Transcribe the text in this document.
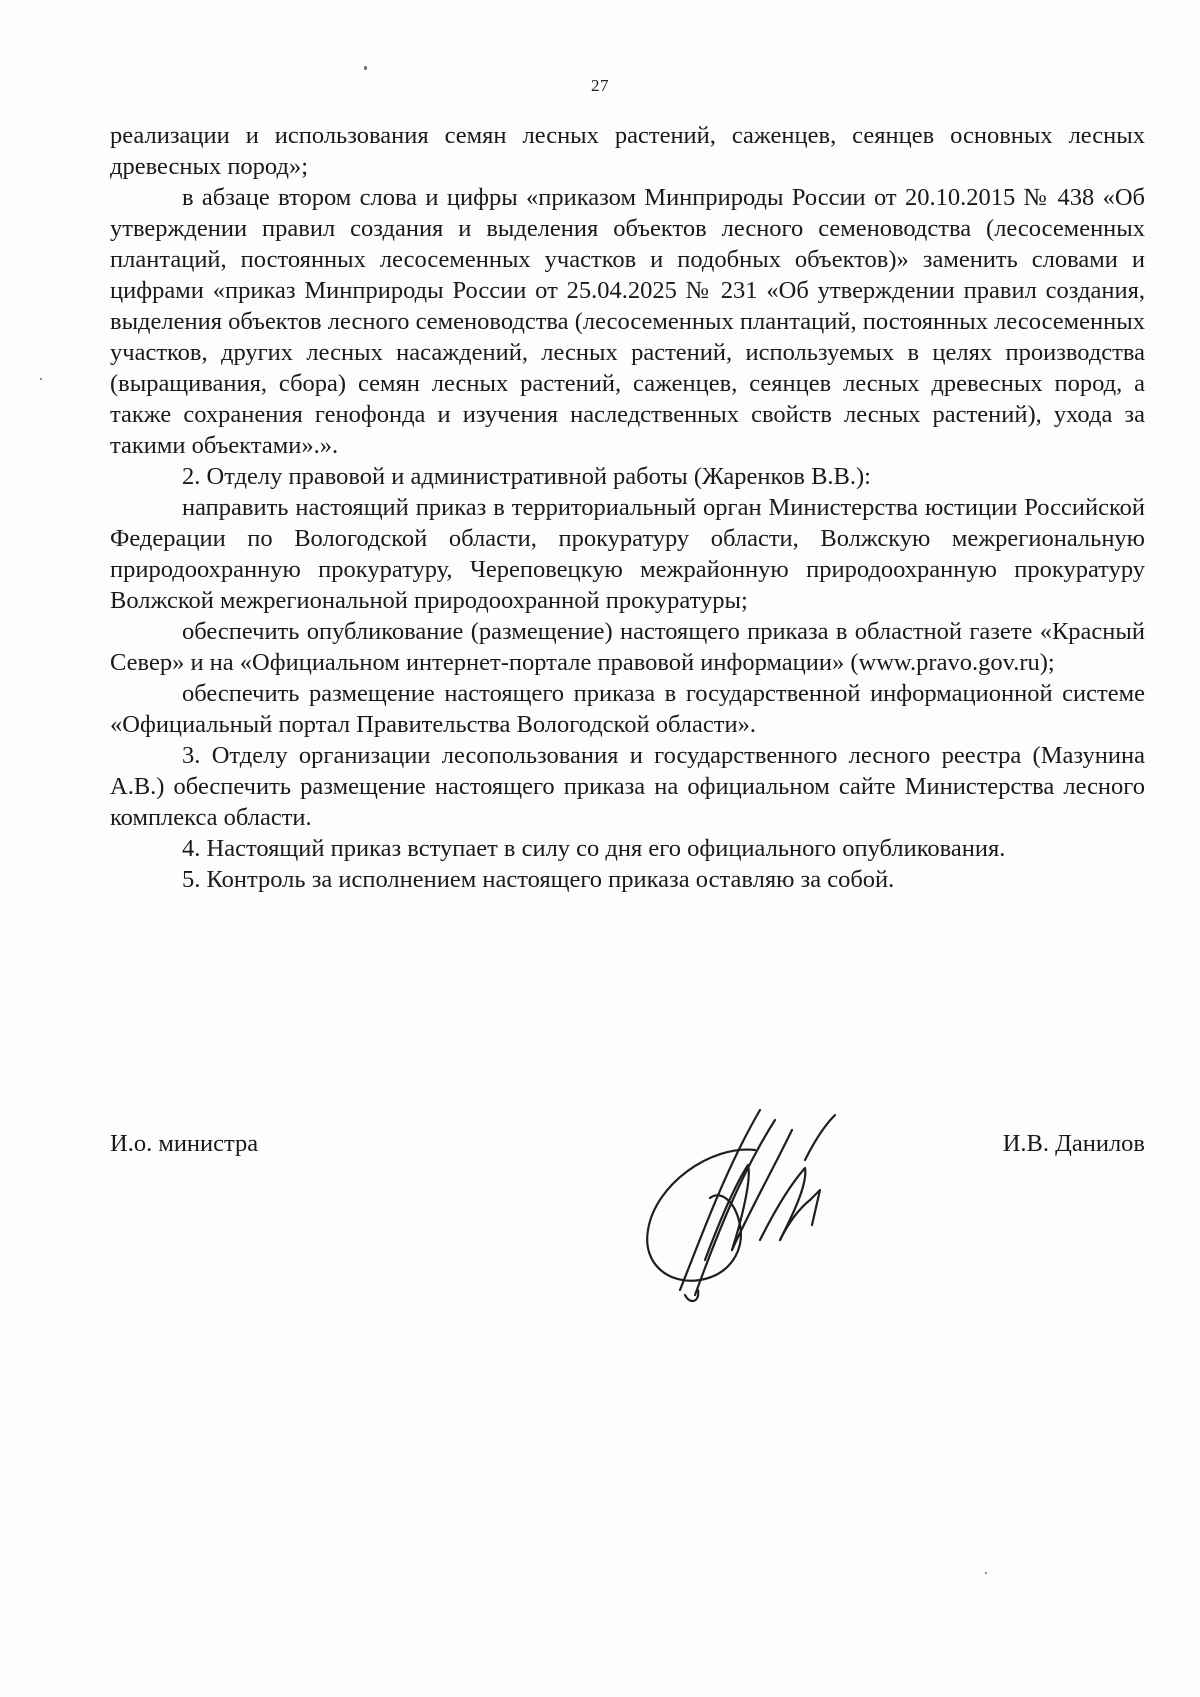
27

реализации и использования семян лесных растений, саженцев, сеянцев основных лесных древесных пород»;

в абзаце втором слова и цифры «приказом Минприроды России от 20.10.2015 № 438 «Об утверждении правил создания и выделения объектов лесного семеноводства (лесосеменных плантаций, постоянных лесосеменных участков и подобных объектов)» заменить словами и цифрами «приказ Минприроды России от 25.04.2025 № 231 «Об утверждении правил создания, выделения объектов лесного семеноводства (лесосеменных плантаций, постоянных лесосеменных участков, других лесных насаждений, лесных растений, используемых в целях производства (выращивания, сбора) семян лесных растений, саженцев, сеянцев лесных древесных пород, а также сохранения генофонда и изучения наследственных свойств лесных растений), ухода за такими объектами».».

2. Отделу правовой и административной работы (Жаренков В.В.):

направить настоящий приказ в территориальный орган Министерства юстиции Российской Федерации по Вологодской области, прокуратуру области, Волжскую межрегиональную природоохранную прокуратуру, Череповецкую межрайонную природоохранную прокуратуру Волжской межрегиональной природоохранной прокуратуры;

обеспечить опубликование (размещение) настоящего приказа в областной газете «Красный Север» и на «Официальном интернет-портале правовой информации» (www.pravo.gov.ru);

обеспечить размещение настоящего приказа в государственной информационной системе «Официальный портал Правительства Вологодской области».

3. Отделу организации лесопользования и государственного лесного реестра (Мазунина А.В.) обеспечить размещение настоящего приказа на официальном сайте Министерства лесного комплекса области.

4. Настоящий приказ вступает в силу со дня его официального опубликования.

5. Контроль за исполнением настоящего приказа оставляю за собой.

И.о. министра	И.В. Данилов
